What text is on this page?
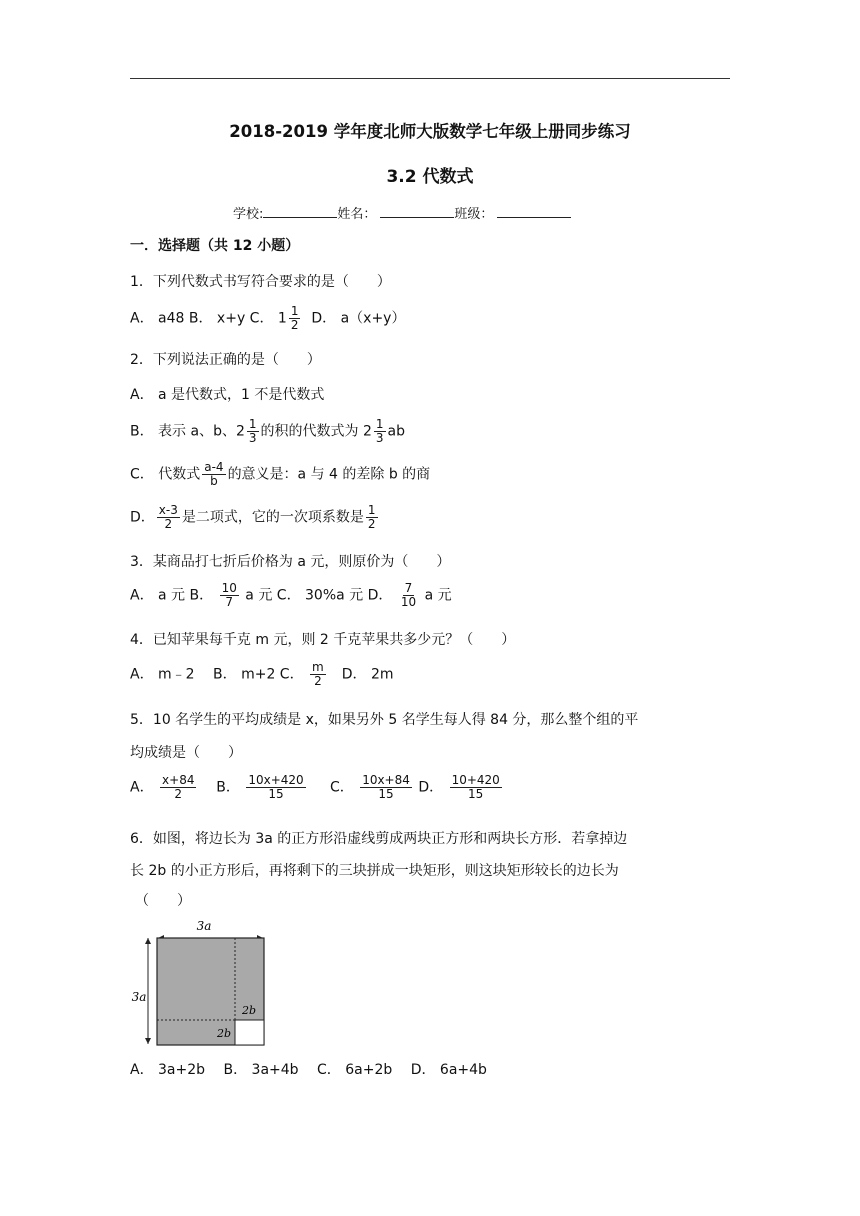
2018-2019 学年度北师大版数学七年级上册同步练习
3.2 代数式
学校:	姓名：	班级：
一．选择题（共 12 小题）
1．下列代数式书写符合要求的是（　　）
A． a48 B． x+y C． $1 \frac{1}{2}$ D． a（x+y）
2．下列说法正确的是（　　）
A． a 是代数式，1 不是代数式
B． 表示 a、b、$2 \frac{1}{3}$ 的积的代数式为 $2 \frac{1}{3}$ ab
C． 代数式 $\frac{a-4}{b}$ 的意义是：a 与 4 的差除 b 的商
D． $\frac{x-3}{2}$ 是二项式，它的一次项系数是 $\frac{1}{2}$
3．某商品打七折后价格为 a 元，则原价为（　　）
A． a 元 B． $\frac{10}{7}$ a 元 C． 30%a 元 D． $\frac{7}{10}$ a 元
4．已知苹果每千克 m 元，则 2 千克苹果共多少元？（　　）
A． m﹣2　 B． m+2 C． $\frac{m}{2}$ 　D． 2m
5．10 名学生的平均成绩是 x，如果另外 5 名学生每人得 84 分，那么整个组的平
均成绩是（　　）
A． $\frac{x+84}{2}$ B． $\frac{10x+420}{15}$ C． $\frac{10x+84}{15}$ D． $\frac{10+420}{15}$
6．如图，将边长为 3a 的正方形沿虚线剪成两块正方形和两块长方形．若拿掉边
长 2b 的小正方形后，再将剩下的三块拼成一块矩形，则这块矩形较长的边长为
（　　）
3a
3a
2b
2b
A． 3a+2b　 B． 3a+4b　 C． 6a+2b　 D． 6a+4b
